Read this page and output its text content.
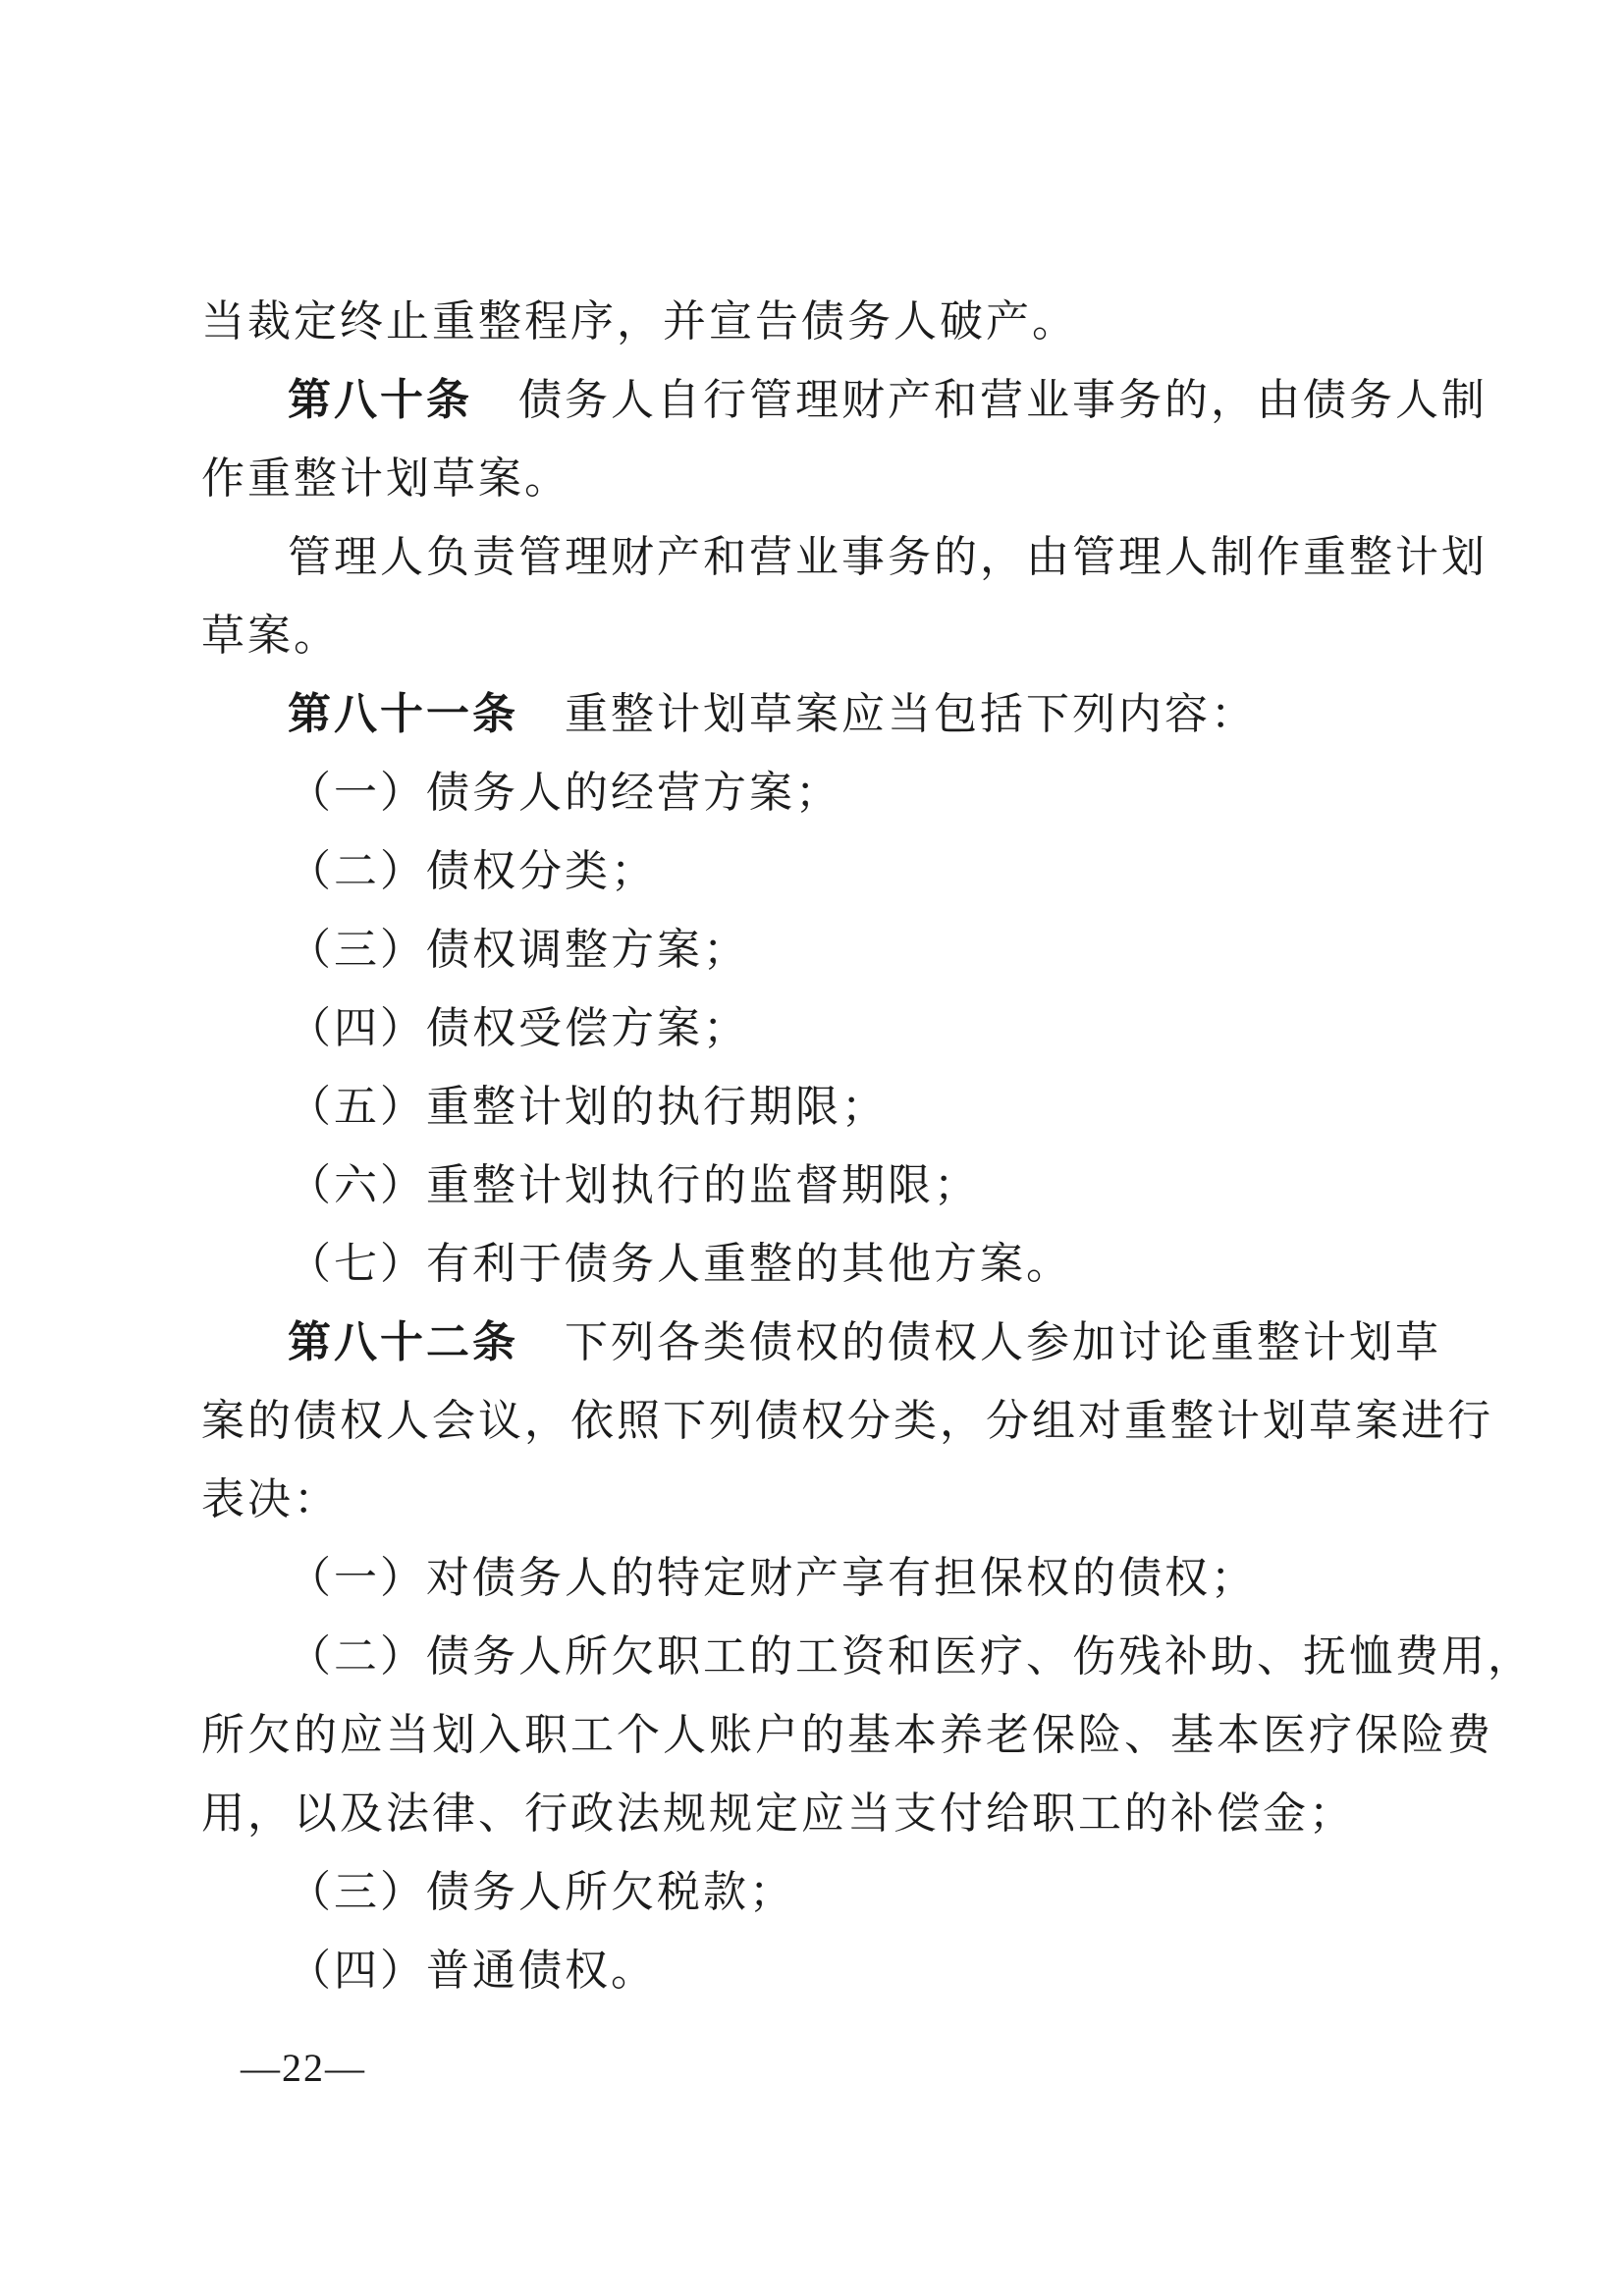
当裁定终止重整程序，并宣告债务人破产。
第八十条　债务人自行管理财产和营业事务的，由债务人制
作重整计划草案。
管理人负责管理财产和营业事务的，由管理人制作重整计划
草案。
第八十一条　重整计划草案应当包括下列内容：
（一）债务人的经营方案；
（二）债权分类；
（三）债权调整方案；
（四）债权受偿方案；
（五）重整计划的执行期限；
（六）重整计划执行的监督期限；
（七）有利于债务人重整的其他方案。
第八十二条　下列各类债权的债权人参加讨论重整计划草
案的债权人会议，依照下列债权分类，分组对重整计划草案进行
表决：
（一）对债务人的特定财产享有担保权的债权；
（二）债务人所欠职工的工资和医疗、伤残补助、抚恤费用，
所欠的应当划入职工个人账户的基本养老保险、基本医疗保险费
用，以及法律、行政法规规定应当支付给职工的补偿金；
（三）债务人所欠税款；
（四）普通债权。
—22—
